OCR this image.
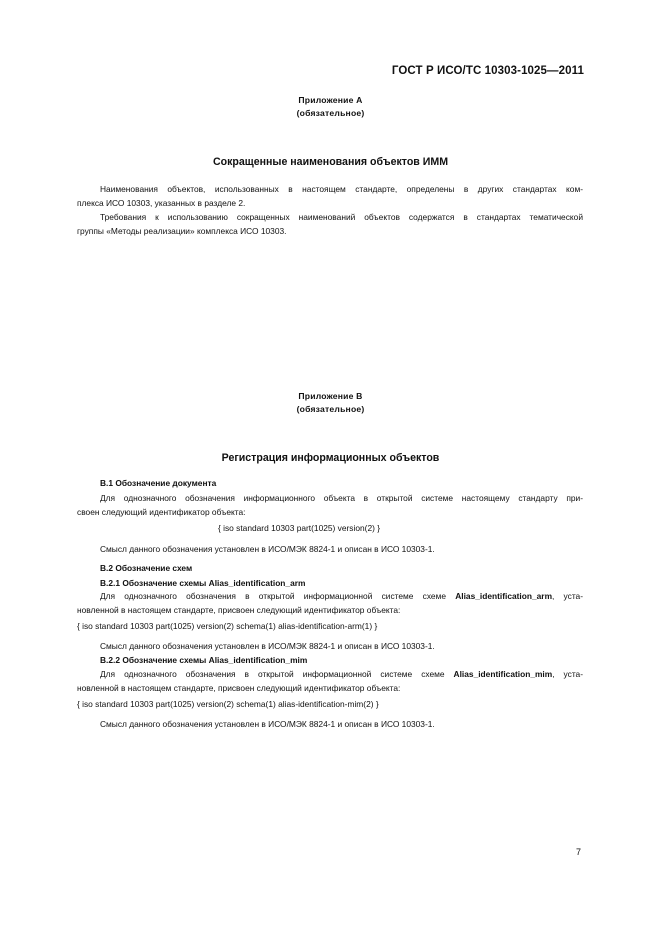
ГОСТ Р ИСО/ТС 10303-1025—2011
Приложение А
(обязательное)
Сокращенные наименования объектов ИММ
Наименования объектов, использованных в настоящем стандарте, определены в других стандартах ком-
плекса ИСО 10303, указанных в разделе 2.
Требования к использованию сокращенных наименований объектов содержатся в стандартах тематической
группы «Методы реализации» комплекса ИСО 10303.
Приложение В
(обязательное)
Регистрация информационных объектов
В.1 Обозначение документа
Для однозначного обозначения информационного объекта в открытой системе настоящему стандарту при-
своен следующий идентификатор объекта:
{ iso standard 10303 part(1025) version(2) }
Смысл данного обозначения установлен в ИСО/МЭК 8824-1 и описан в ИСО 10303-1.
В.2 Обозначение схем
В.2.1 Обозначение схемы Alias_identification_arm
Для однозначного обозначения в открытой информационной системе схеме Alias_identification_arm, уста-
новленной в настоящем стандарте, присвоен следующий идентификатор объекта:
{ iso standard 10303 part(1025) version(2) schema(1) alias-identification-arm(1) }
Смысл данного обозначения установлен в ИСО/МЭК 8824-1 и описан в ИСО 10303-1.
В.2.2 Обозначение схемы Alias_identification_mim
Для однозначного обозначения в открытой информационной системе схеме Alias_identification_mim, уста-
новленной в настоящем стандарте, присвоен следующий идентификатор объекта:
{ iso standard 10303 part(1025) version(2) schema(1) alias-identification-mim(2) }
Смысл данного обозначения установлен в ИСО/МЭК 8824-1 и описан в ИСО 10303-1.
7
